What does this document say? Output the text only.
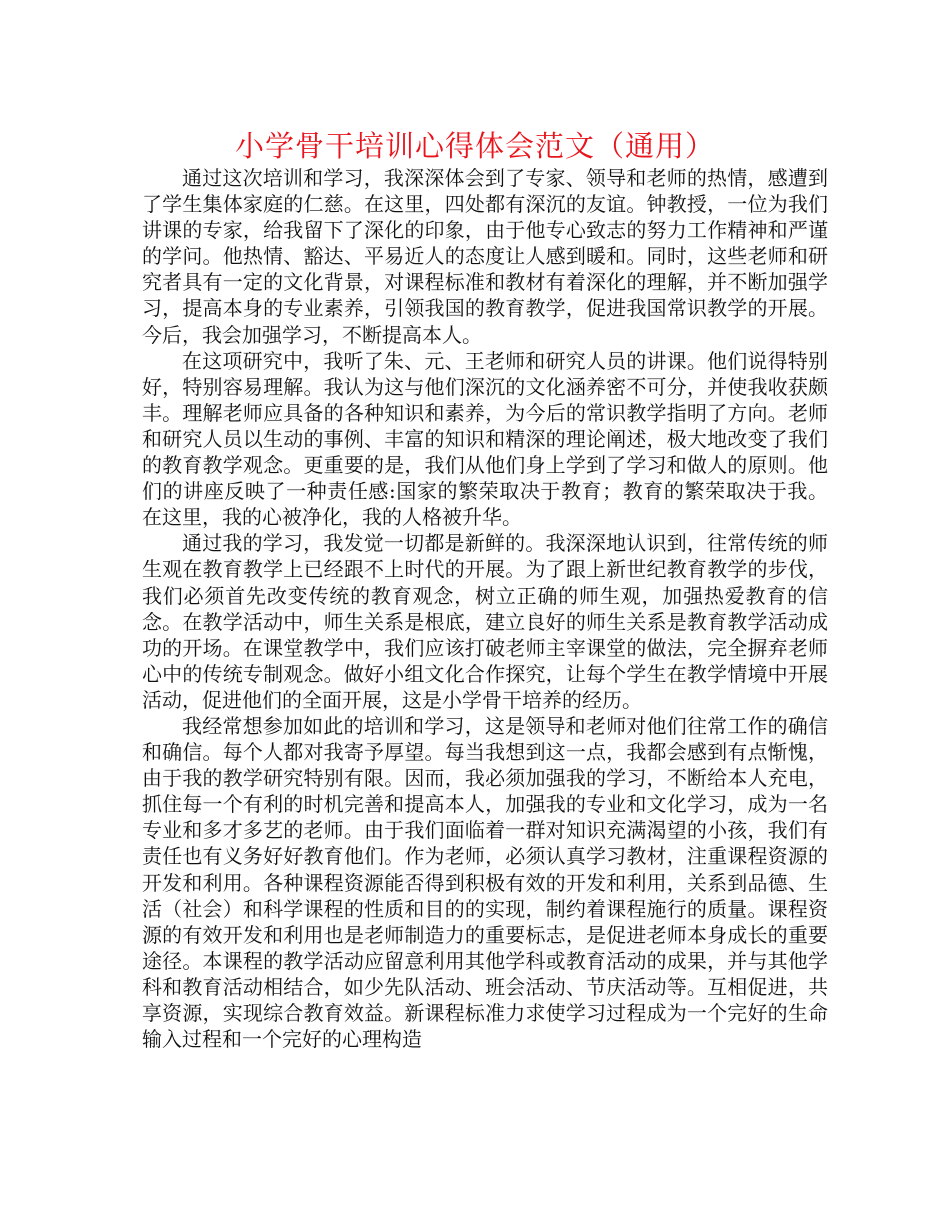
小学骨干培训心得体会范文（通用）

通过这次培训和学习，我深深体会到了专家、领导和老师的热情，感遭到了学生集体家庭的仁慈。在这里，四处都有深沉的友谊。钟教授，一位为我们讲课的专家，给我留下了深化的印象，由于他专心致志的努力工作精神和严谨的学问。他热情、豁达、平易近人的态度让人感到暖和。同时，这些老师和研究者具有一定的文化背景，对课程标准和教材有着深化的理解，并不断加强学习，提高本身的专业素养，引领我国的教育教学，促进我国常识教学的开展。今后，我会加强学习，不断提高本人。

在这项研究中，我听了朱、元、王老师和研究人员的讲课。他们说得特别好，特别容易理解。我认为这与他们深沉的文化涵养密不可分，并使我收获颇丰。理解老师应具备的各种知识和素养，为今后的常识教学指明了方向。老师和研究人员以生动的事例、丰富的知识和精深的理论阐述，极大地改变了我们的教育教学观念。更重要的是，我们从他们身上学到了学习和做人的原则。他们的讲座反映了一种责任感:国家的繁荣取决于教育；教育的繁荣取决于我。在这里，我的心被净化，我的人格被升华。

通过我的学习，我发觉一切都是新鲜的。我深深地认识到，往常传统的师生观在教育教学上已经跟不上时代的开展。为了跟上新世纪教育教学的步伐，我们必须首先改变传统的教育观念，树立正确的师生观，加强热爱教育的信念。在教学活动中，师生关系是根底，建立良好的师生关系是教育教学活动成功的开场。在课堂教学中，我们应该打破老师主宰课堂的做法，完全摒弃老师心中的传统专制观念。做好小组文化合作探究，让每个学生在教学情境中开展活动，促进他们的全面开展，这是小学骨干培养的经历。

我经常想参加如此的培训和学习，这是领导和老师对他们往常工作的确信和确信。每个人都对我寄予厚望。每当我想到这一点，我都会感到有点惭愧，由于我的教学研究特别有限。因而，我必须加强我的学习，不断给本人充电，抓住每一个有利的时机完善和提高本人，加强我的专业和文化学习，成为一名专业和多才多艺的老师。由于我们面临着一群对知识充满渴望的小孩，我们有责任也有义务好好教育他们。作为老师，必须认真学习教材，注重课程资源的开发和利用。各种课程资源能否得到积极有效的开发和利用，关系到品德、生活（社会）和科学课程的性质和目的的实现，制约着课程施行的质量。课程资源的有效开发和利用也是老师制造力的重要标志，是促进老师本身成长的重要途径。本课程的教学活动应留意利用其他学科或教育活动的成果，并与其他学科和教育活动相结合，如少先队活动、班会活动、节庆活动等。互相促进，共享资源，实现综合教育效益。新课程标准力求使学习过程成为一个完好的生命输入过程和一个完好的心理构造
